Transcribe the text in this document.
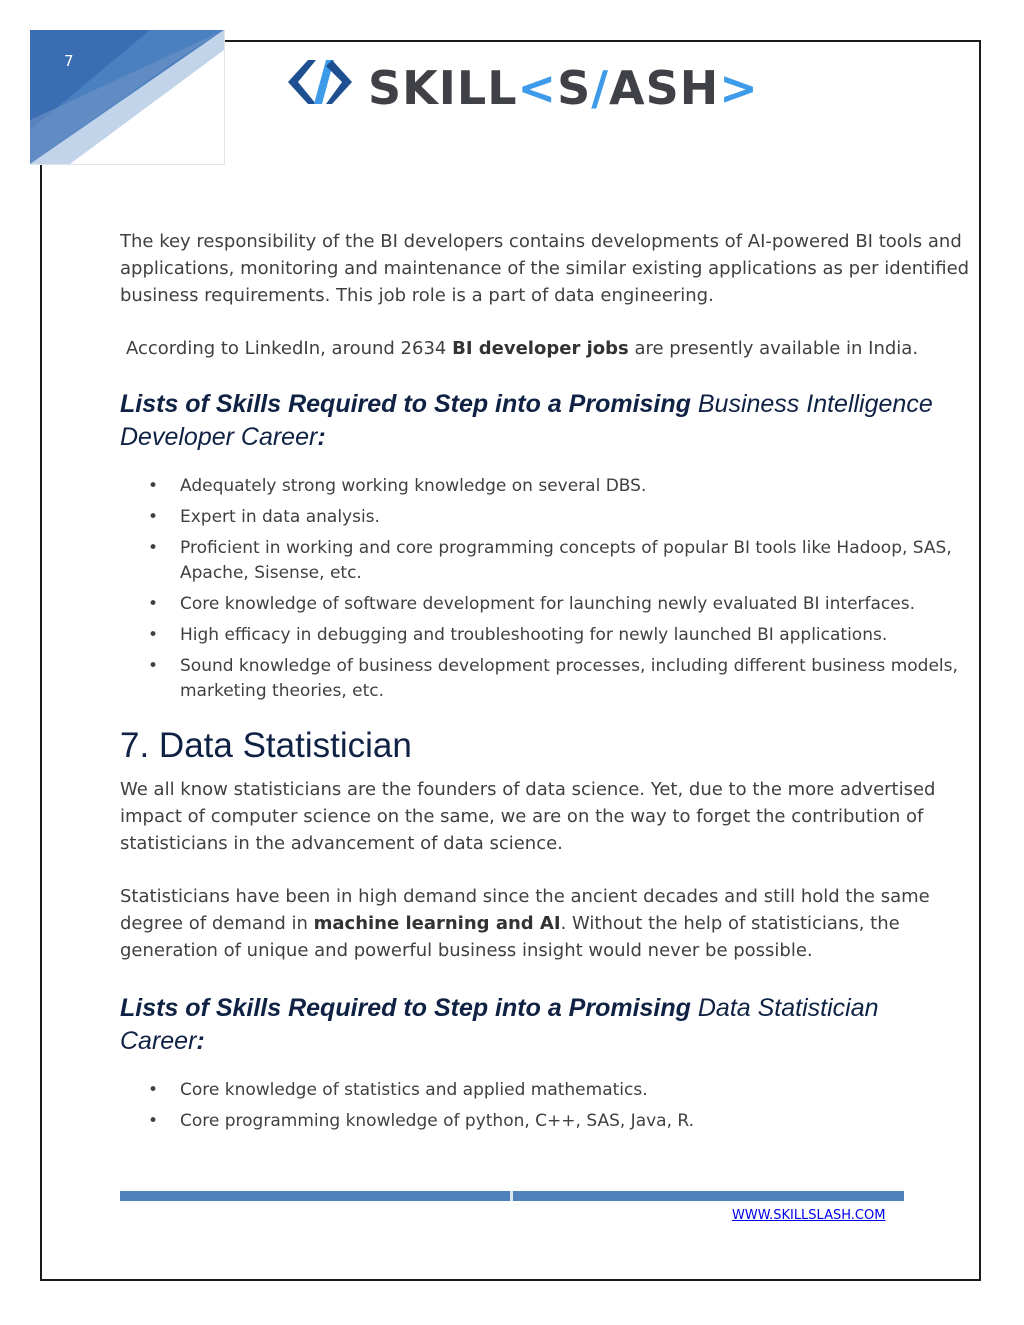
7	SKILL<S/ASH>

The key responsibility of the BI developers contains developments of AI-powered BI tools and applications, monitoring and maintenance of the similar existing applications as per identified business requirements. This job role is a part of data engineering.

According to LinkedIn, around 2634 BI developer jobs are presently available in India.

Lists of Skills Required to Step into a Promising Business Intelligence Developer Career:
• Adequately strong working knowledge on several DBS.
• Expert in data analysis.
• Proficient in working and core programming concepts of popular BI tools like Hadoop, SAS, Apache, Sisense, etc.
• Core knowledge of software development for launching newly evaluated BI interfaces.
• High efficacy in debugging and troubleshooting for newly launched BI applications.
• Sound knowledge of business development processes, including different business models, marketing theories, etc.
7. Data Statistician

We all know statisticians are the founders of data science. Yet, due to the more advertised impact of computer science on the same, we are on the way to forget the contribution of statisticians in the advancement of data science.

Statisticians have been in high demand since the ancient decades and still hold the same degree of demand in machine learning and AI. Without the help of statisticians, the generation of unique and powerful business insight would never be possible.

Lists of Skills Required to Step into a Promising Data Statistician Career:
• Core knowledge of statistics and applied mathematics.
• Core programming knowledge of python, C++, SAS, Java, R.
WWW.SKILLSLASH.COM
